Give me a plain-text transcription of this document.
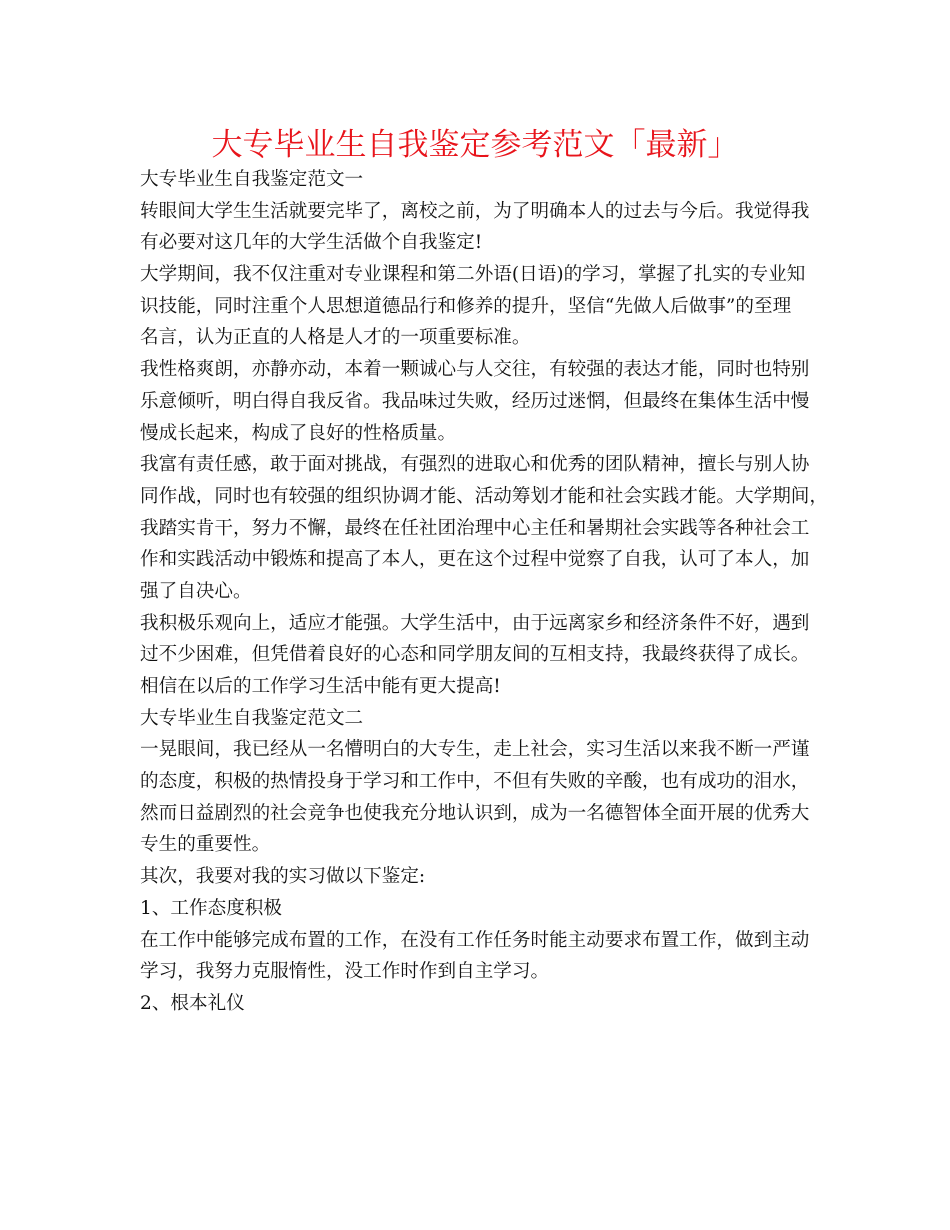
大专毕业生自我鉴定参考范文「最新」
大专毕业生自我鉴定范文一
转眼间大学生生活就要完毕了，离校之前，为了明确本人的过去与今后。我觉得我
有必要对这几年的大学生活做个自我鉴定!
大学期间，我不仅注重对专业课程和第二外语(日语)的学习，掌握了扎实的专业知
识技能，同时注重个人思想道德品行和修养的提升，坚信“先做人后做事”的至理
名言，认为正直的人格是人才的一项重要标准。
我性格爽朗，亦静亦动，本着一颗诚心与人交往，有较强的表达才能，同时也特别
乐意倾听，明白得自我反省。我品味过失败，经历过迷惘，但最终在集体生活中慢
慢成长起来，构成了良好的性格质量。
我富有责任感，敢于面对挑战，有强烈的进取心和优秀的团队精神，擅长与别人协
同作战，同时也有较强的组织协调才能、活动筹划才能和社会实践才能。大学期间，
我踏实肯干，努力不懈，最终在任社团治理中心主任和暑期社会实践等各种社会工
作和实践活动中锻炼和提高了本人，更在这个过程中觉察了自我，认可了本人，加
强了自决心。
我积极乐观向上，适应才能强。大学生活中，由于远离家乡和经济条件不好，遇到
过不少困难，但凭借着良好的心态和同学朋友间的互相支持，我最终获得了成长。
相信在以后的工作学习生活中能有更大提高!
大专毕业生自我鉴定范文二
一晃眼间，我已经从一名懵明白的大专生，走上社会，实习生活以来我不断一严谨
的态度，积极的热情投身于学习和工作中，不但有失败的辛酸，也有成功的泪水，
然而日益剧烈的社会竞争也使我充分地认识到，成为一名德智体全面开展的优秀大
专生的重要性。
其次，我要对我的实习做以下鉴定:
1、工作态度积极
在工作中能够完成布置的工作，在没有工作任务时能主动要求布置工作，做到主动
学习，我努力克服惰性，没工作时作到自主学习。
2、根本礼仪
